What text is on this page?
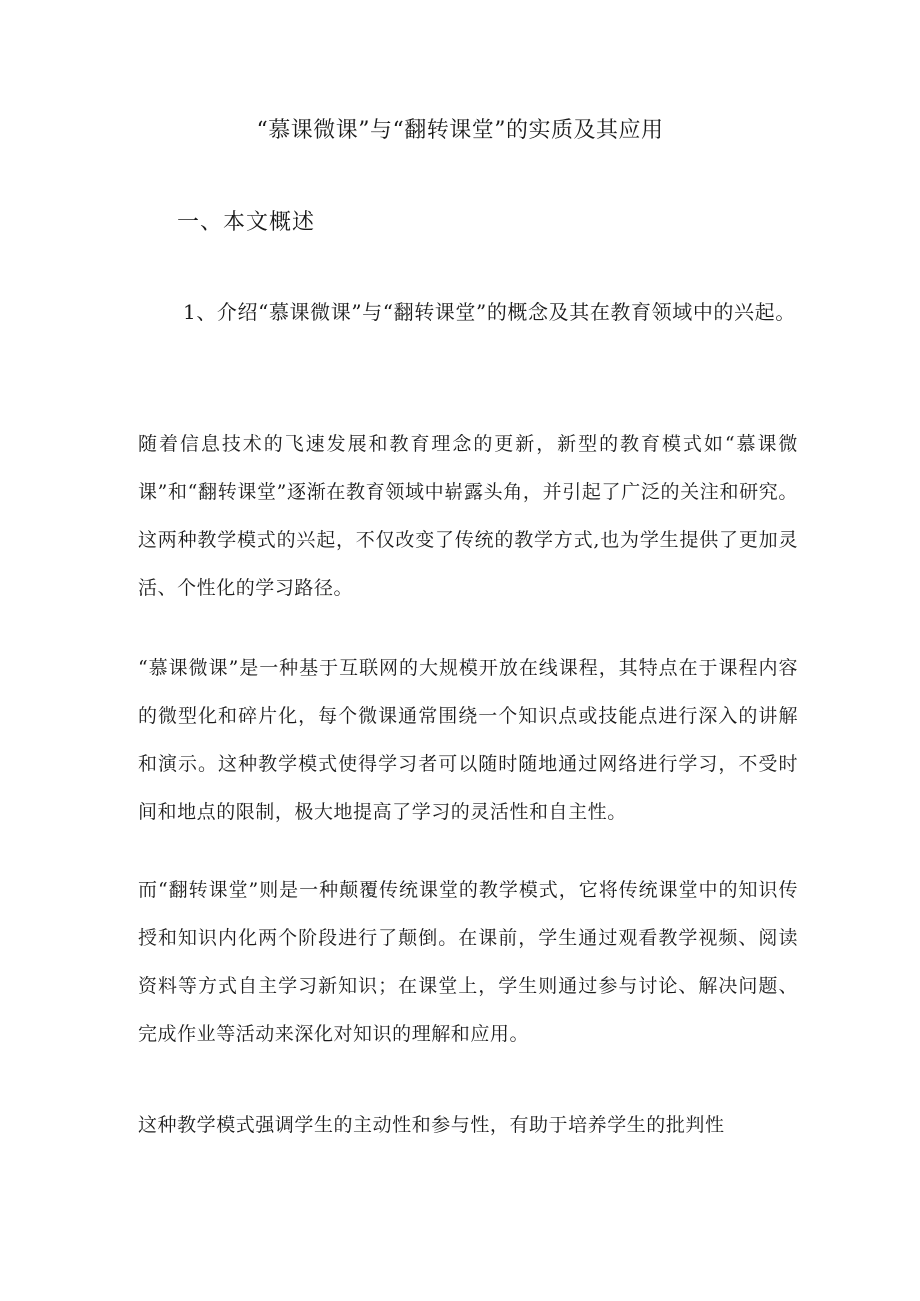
“慕课微课”与“翻转课堂”的实质及其应用
一、本文概述

1、介绍“慕课微课”与“翻转课堂”的概念及其在教育领域中的兴起。

随着信息技术的飞速发展和教育理念的更新，新型的教育模式如“慕课微课”和“翻转课堂”逐渐在教育领域中崭露头角，并引起了广泛的关注和研究。这两种教学模式的兴起，不仅改变了传统的教学方式,也为学生提供了更加灵活、个性化的学习路径。

“慕课微课”是一种基于互联网的大规模开放在线课程，其特点在于课程内容的微型化和碎片化，每个微课通常围绕一个知识点或技能点进行深入的讲解和演示。这种教学模式使得学习者可以随时随地通过网络进行学习，不受时间和地点的限制，极大地提高了学习的灵活性和自主性。

而“翻转课堂”则是一种颠覆传统课堂的教学模式，它将传统课堂中的知识传授和知识内化两个阶段进行了颠倒。在课前，学生通过观看教学视频、阅读资料等方式自主学习新知识；在课堂上，学生则通过参与讨论、解决问题、完成作业等活动来深化对知识的理解和应用。

这种教学模式强调学生的主动性和参与性，有助于培养学生的批判性
